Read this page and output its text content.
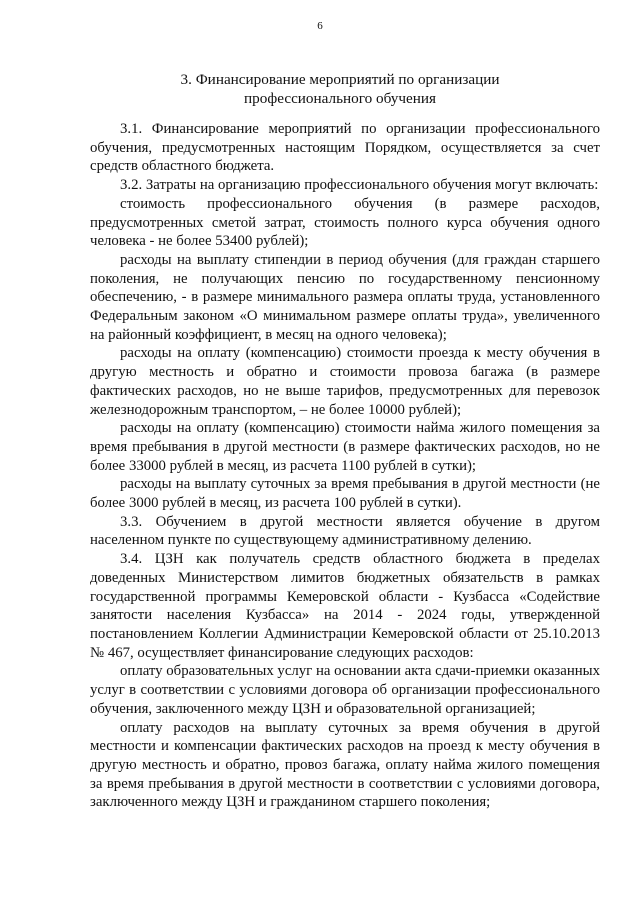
6
3. Финансирование мероприятий по организации
профессионального обучения

3.1. Финансирование мероприятий по организации профессионального обучения, предусмотренных настоящим Порядком, осуществляется за счет средств областного бюджета.

3.2. Затраты на организацию профессионального обучения могут включать:

стоимость профессионального обучения (в размере расходов, предусмотренных сметой затрат, стоимость полного курса обучения одного человека - не более 53400 рублей);

расходы на выплату стипендии в период обучения (для граждан старшего поколения, не получающих пенсию по государственному пенсионному обеспечению, - в размере минимального размера оплаты труда, установленного Федеральным законом «О минимальном размере оплаты труда», увеличенного на районный коэффициент, в месяц на одного человека);

расходы на оплату (компенсацию) стоимости проезда к месту обучения в другую местность и обратно и стоимости провоза багажа (в размере фактических расходов, но не выше тарифов, предусмотренных для перевозок железнодорожным транспортом, – не более 10000 рублей);

расходы на оплату (компенсацию) стоимости найма жилого помещения за время пребывания в другой местности (в размере фактических расходов, но не более 33000 рублей в месяц, из расчета 1100 рублей в сутки);

расходы на выплату суточных за время пребывания в другой местности (не более 3000 рублей в месяц, из расчета 100 рублей в сутки).

3.3. Обучением в другой местности является обучение в другом населенном пункте по существующему административному делению.

3.4. ЦЗН как получатель средств областного бюджета в пределах доведенных Министерством лимитов бюджетных обязательств в рамках государственной программы Кемеровской области - Кузбасса «Содействие занятости населения Кузбасса» на 2014 - 2024 годы, утвержденной постановлением Коллегии Администрации Кемеровской области от 25.10.2013 № 467, осуществляет финансирование следующих расходов:

оплату образовательных услуг на основании акта сдачи-приемки оказанных услуг в соответствии с условиями договора об организации профессионального обучения, заключенного между ЦЗН и образовательной организацией;

оплату расходов на выплату суточных за время обучения в другой местности и компенсации фактических расходов на проезд к месту обучения в другую местность и обратно, провоз багажа, оплату найма жилого помещения за время пребывания в другой местности в соответствии с условиями договора, заключенного между ЦЗН и гражданином старшего поколения;
